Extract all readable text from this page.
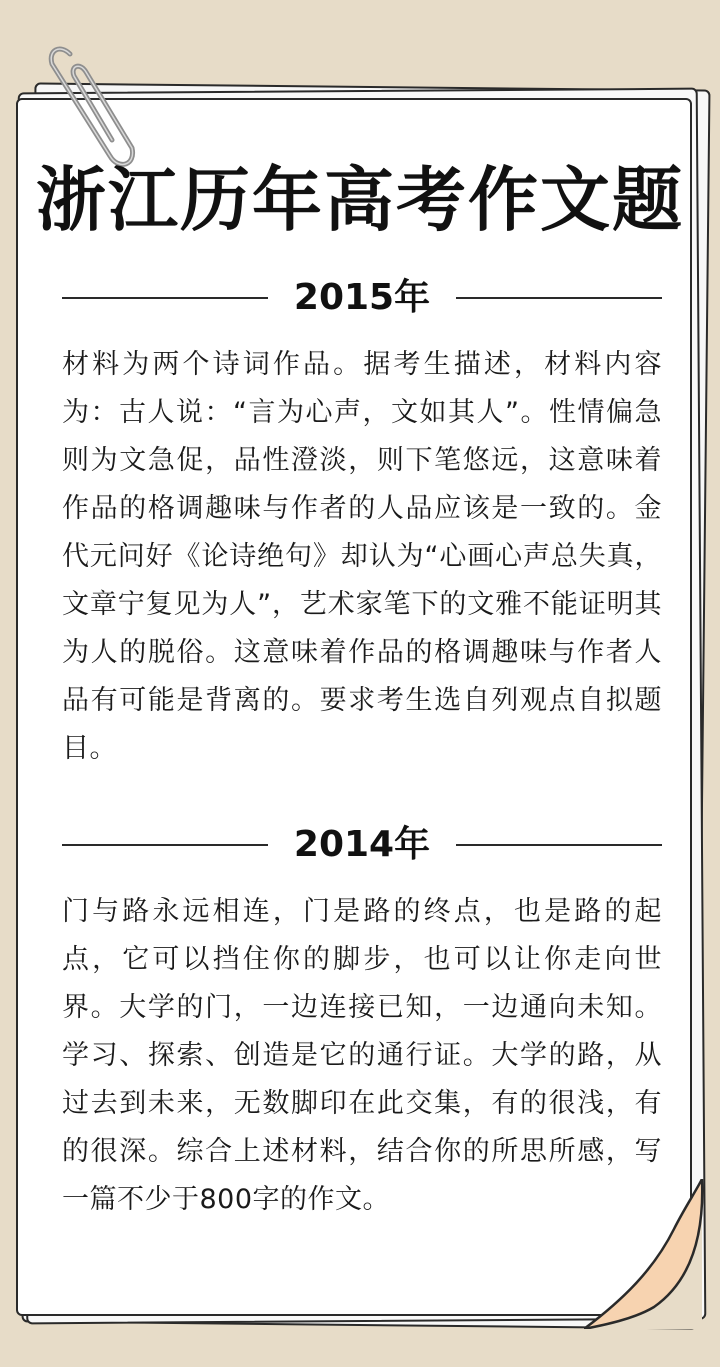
浙江历年高考作文题
2015年

材料为两个诗词作品。据考生描述，材料内容为：古人说：“言为心声，文如其人”。性情偏急则为文急促，品性澄淡，则下笔悠远，这意味着作品的格调趣味与作者的人品应该是一致的。金代元问好《论诗绝句》却认为“心画心声总失真，文章宁复见为人”，艺术家笔下的文雅不能证明其为人的脱俗。这意味着作品的格调趣味与作者人品有可能是背离的。要求考生选自列观点自拟题目。

2014年

门与路永远相连，门是路的终点，也是路的起点，它可以挡住你的脚步，也可以让你走向世界。大学的门，一边连接已知，一边通向未知。学习、探索、创造是它的通行证。大学的路，从过去到未来，无数脚印在此交集，有的很浅，有的很深。综合上述材料，结合你的所思所感，写一篇不少于800字的作文。
